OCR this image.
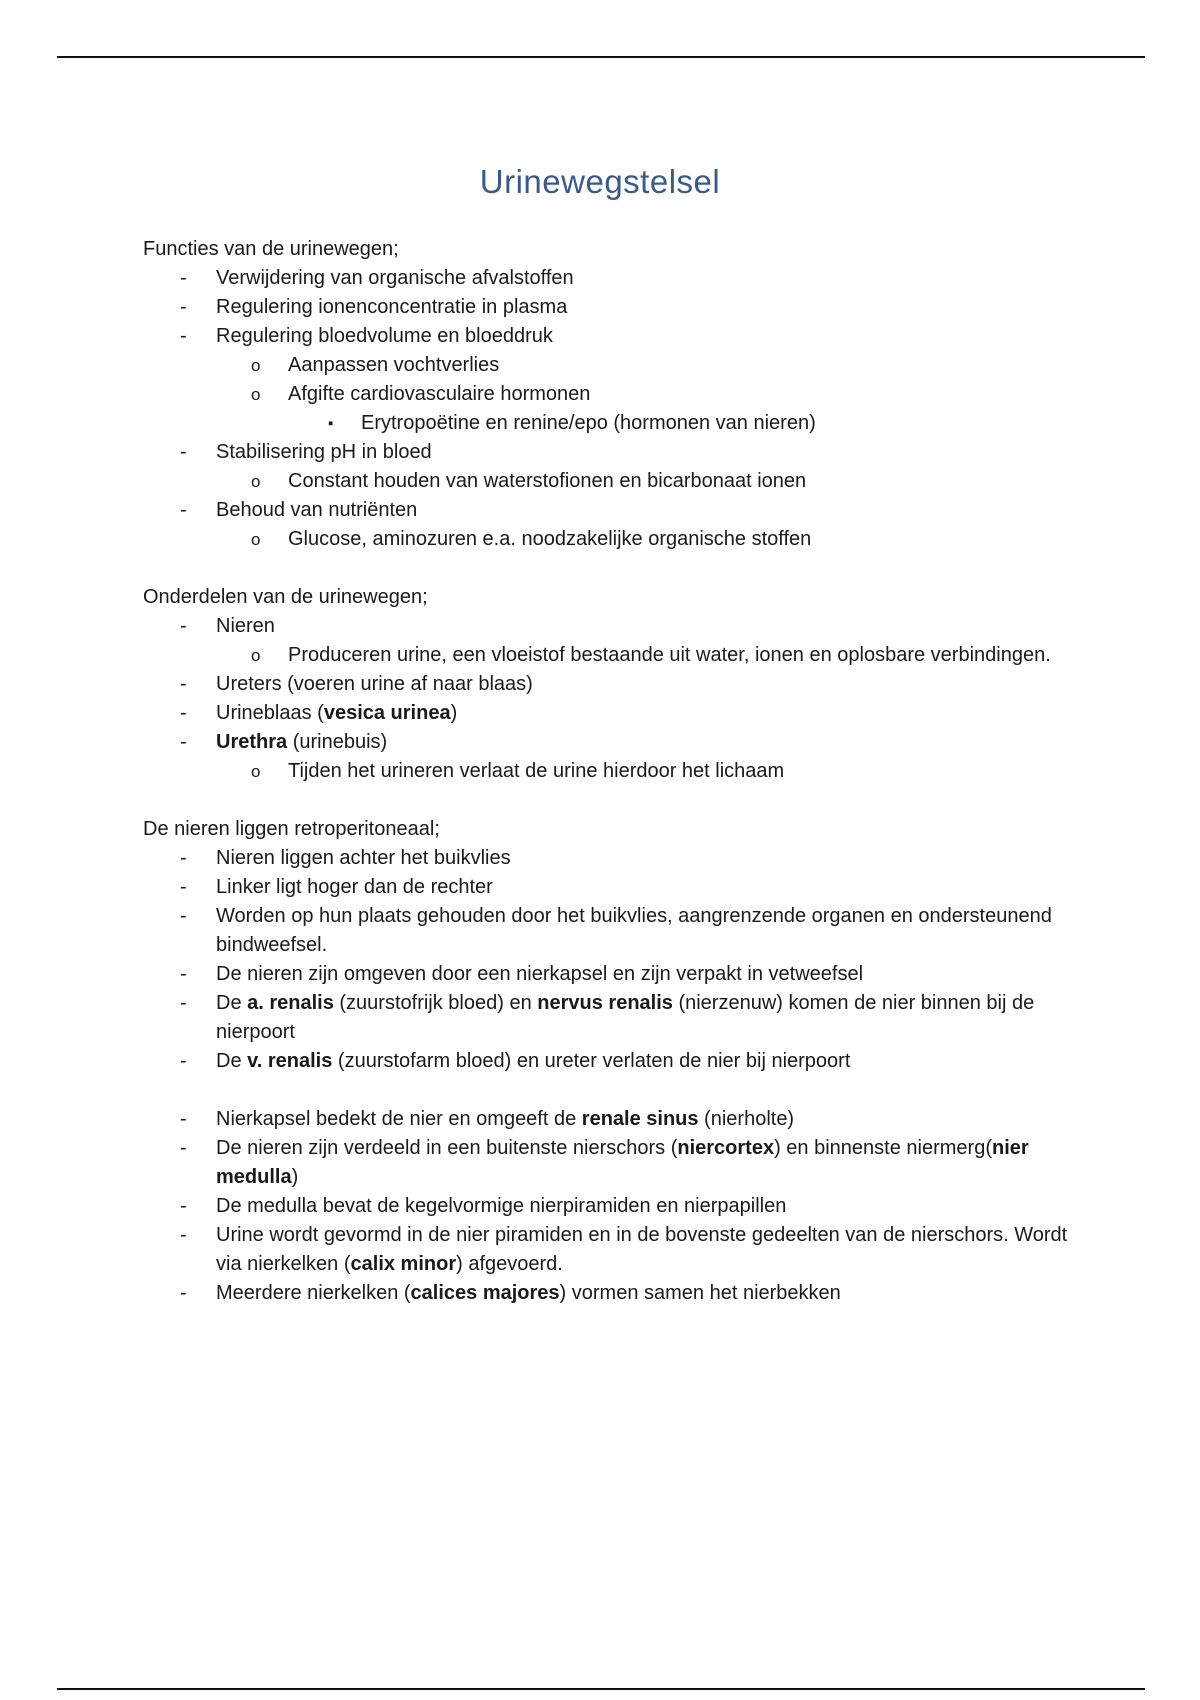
Urinewegstelsel

Functies van de urinewegen;

- Verwijdering van organische afvalstoffen
- Regulering ionenconcentratie in plasma
- Regulering bloedvolume en bloeddruk
o Aanpassen vochtverlies
o Afgifte cardiovasculaire hormonen
▪ Erytropoëtine en renine/epo (hormonen van nieren)
- Stabilisering pH in bloed
o Constant houden van waterstofionen en bicarbonaat ionen
- Behoud van nutriënten
o Glucose, aminozuren e.a. noodzakelijke organische stoffen

Onderdelen van de urinewegen;

- Nieren
o Produceren urine, een vloeistof bestaande uit water, ionen en oplosbare verbindingen.
- Ureters (voeren urine af naar blaas)
- Urineblaas (vesica urinea)
- Urethra (urinebuis)
o Tijden het urineren verlaat de urine hierdoor het lichaam

De nieren liggen retroperitoneaal;

- Nieren liggen achter het buikvlies
- Linker ligt hoger dan de rechter
- Worden op hun plaats gehouden door het buikvlies, aangrenzende organen en ondersteunend bindweefsel.
- De nieren zijn omgeven door een nierkapsel en zijn verpakt in vetweefsel
- De a. renalis (zuurstofrijk bloed) en nervus renalis (nierzenuw) komen de nier binnen bij de nierpoort
- De v. renalis (zuurstofarm bloed) en ureter verlaten de nier bij nierpoort
- Nierkapsel bedekt de nier en omgeeft de renale sinus (nierholte)
- De nieren zijn verdeeld in een buitenste nierschors (niercortex) en binnenste niermerg(nier medulla)
- De medulla bevat de kegelvormige nierpiramiden en nierpapillen
- Urine wordt gevormd in de nier piramiden en in de bovenste gedeelten van de nierschors. Wordt via nierkelken (calix minor) afgevoerd.
- Meerdere nierkelken (calices majores) vormen samen het nierbekken
